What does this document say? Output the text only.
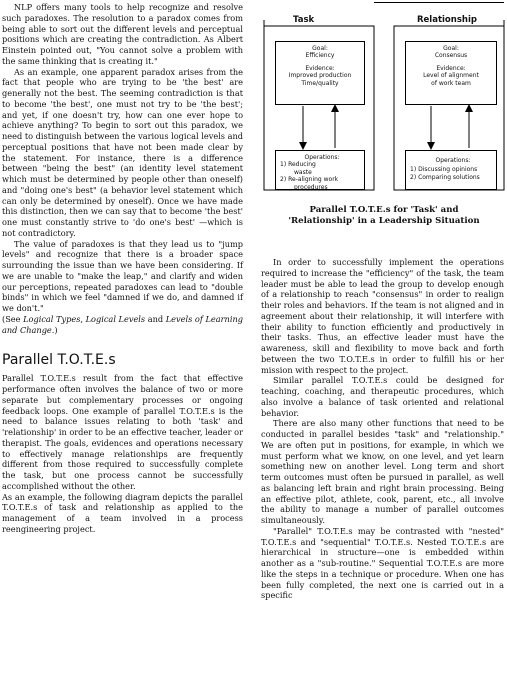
NLP offers many tools to help recognize and resolve such paradoxes. The resolution to a paradox comes from being able to sort out the different levels and perceptual positions which are creating the contradiction. As Albert Einstein pointed out, "You cannot solve a problem with the same thinking that is creating it."

As an example, one apparent paradox arises from the fact that people who are trying to be 'the best' are generally not the best. The seeming contradiction is that to become 'the best', one must not try to be 'the best'; and yet, if one doesn't try, how can one ever hope to achieve anything? To begin to sort out this paradox, we need to distinguish between the various logical levels and perceptual positions that have not been made clear by the statement. For instance, there is a difference between "being the best" (an identity level statement which must be determined by people other than oneself) and "doing one's best" (a behavior level statement which can only be determined by oneself). Once we have made this distinction, then we can say that to become 'the best' one must constantly strive to 'do one's best' —which is not contradictory.

The value of paradoxes is that they lead us to "jump levels" and recognize that there is a broader space surrounding the issue than we have been considering. If we are unable to "make the leap," and clarify and widen our perceptions, repeated paradoxes can lead to "double binds" in which we feel "damned if we do, and damned if we don't."

(See Logical Types, Logical Levels and Levels of Learning and Change.)

Parallel T.O.T.E.s

Parallel T.O.T.E.s result from the fact that effective performance often involves the balance of two or more separate but complementary processes or ongoing feedback loops. One example of parallel T.O.T.E.s is the need to balance issues relating to both 'task' and 'relationship' in order to be an effective teacher, leader or therapist. The goals, evidences and operations necessary to effectively manage relationships are frequently different from those required to successfully complete the task, but one process cannot be successfully accomplished without the other.

As an example, the following diagram depicts the parallel T.O.T.E.s of task and relationship as applied to the management of a team involved in a process reengineering project.

Task	Relationship
Goal:
Efficiency
Evidence:
Improved production
Time/quality
Goal:
Consensus
Evidence:
Level of alignment
of work team
Operations:
1) Reducing
waste
2) Re-aligning work
procedures
Operations:
1) Discussing opinions
2) Comparing solutions
Parallel T.O.T.E.s for 'Task' and
'Relationship' in a Leadership Situation

In order to successfully implement the operations required to increase the "efficiency" of the task, the team leader must be able to lead the group to develop enough of a relationship to reach "consensus" in order to realign their roles and behaviors. If the team is not aligned and in agreement about their relationship, it will interfere with their ability to function efficiently and productively in their tasks. Thus, an effective leader must have the awareness, skill and flexibility to move back and forth between the two T.O.T.E.s in order to fulfill his or her mission with respect to the project.

Similar parallel T.O.T.E.s could be designed for teaching, coaching, and therapeutic procedures, which also involve a balance of task oriented and relational behavior.

There are also many other functions that need to be conducted in parallel besides "task" and "relationship." We are often put in positions, for example, in which we must perform what we know, on one level, and yet learn something new on another level. Long term and short term outcomes must often be pursued in parallel, as well as balancing left brain and right brain processing. Being an effective pilot, athlete, cook, parent, etc., all involve the ability to manage a number of parallel outcomes simultaneously.

"Parallel" T.O.T.E.s may be contrasted with "nested" T.O.T.E.s and "sequential" T.O.T.E.s. Nested T.O.T.E.s are hierarchical in structure—one is embedded within another as a "sub-routine." Sequential T.O.T.E.s are more like the steps in a technique or procedure. When one has been fully completed, the next one is carried out in a specific
